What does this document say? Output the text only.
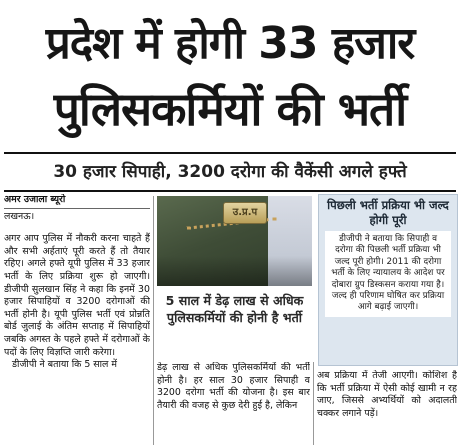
प्रदेश में होगी 33 हजार
पुलिसकर्मियों की भर्ती
30 हजार सिपाही, 3200 दरोगा की वैकेंसी अगले हफ्ते
अमर उजाला ब्यूरो
लखनऊ।

अगर आप पुलिस में नौकरी करना चाहते हैं और सभी अर्हताएं पूरी करते हैं तो तैयार रहिए। अगले हफ्ते यूपी पुलिस में 33 हजार भर्ती के लिए प्रक्रिया शुरू हो जाएगी। डीजीपी सुलखान सिंह ने कहा कि इनमें 30 हजार सिपाहियों व 3200 दरोगाओं की भर्ती होनी है। यूपी पुलिस भर्ती एवं प्रोन्नति बोर्ड जुलाई के अंतिम सप्ताह में सिपाहियों जबकि अगस्त के पहले हफ्ते में दरोगाओं के पदों के लिए विज्ञप्ति जारी करेगा।

डीजीपी ने बताया कि 5 साल में

उ.प्र.प
5 साल में डेढ़ लाख से अधिक पुलिसकर्मियों की होनी है भर्ती
पिछली भर्ती प्रक्रिया भी जल्द होगी पूरी
डीजीपी ने बताया कि सिपाही व दरोगा की पिछली भर्ती प्रक्रिया भी जल्द पूरी होगी। 2011 की दरोगा भर्ती के लिए न्यायालय के आदेश पर दोबारा ग्रुप डिस्कसन कराया गया है। जल्द ही परिणाम घोषित कर प्रक्रिया आगे बढ़ाई जाएगी।
डेढ़ लाख से अधिक पुलिसकर्मियों की भर्ती होनी है। हर साल 30 हजार सिपाही व 3200 दरोगा भर्ती की योजना है। इस बार तैयारी की वजह से कुछ देरी हुई है, लेकिन
अब प्रक्रिया में तेजी आएगी। कोशिश है कि भर्ती प्रक्रिया में ऐसी कोई खामी न रह जाए, जिससे अभ्यर्थियों को अदालती चक्कर लगाने पड़ें।
